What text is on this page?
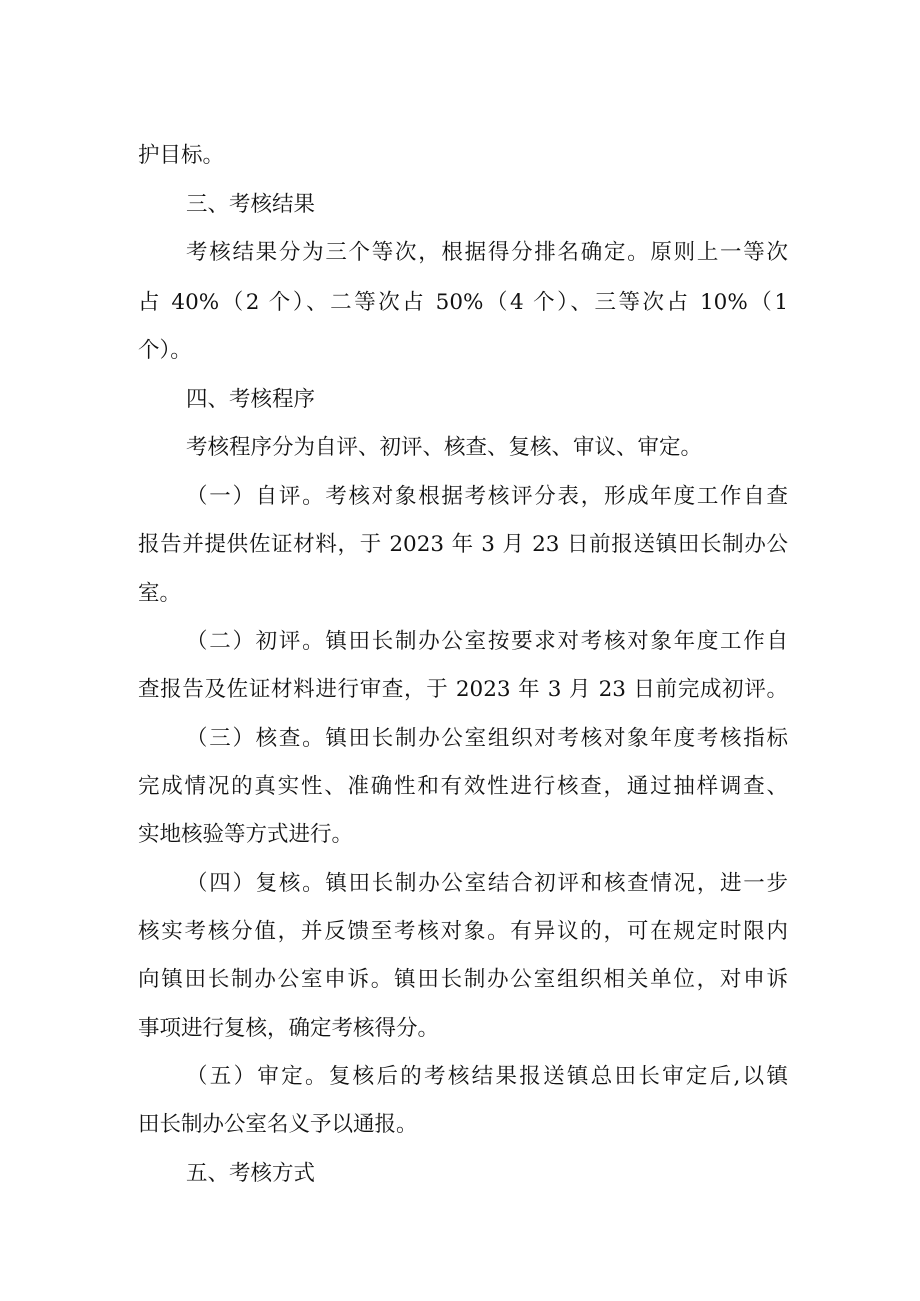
护目标。
三、考核结果
考核结果分为三个等次，根据得分排名确定。原则上一等次
占 40%（2 个）、二等次占 50%（4 个）、三等次占 10%（1
个）。
四、考核程序
考核程序分为自评、初评、核查、复核、审议、审定。
（一）自评。考核对象根据考核评分表，形成年度工作自查
报告并提供佐证材料，于 2023 年 3 月 23 日前报送镇田长制办公
室。
（二）初评。镇田长制办公室按要求对考核对象年度工作自
查报告及佐证材料进行审查，于 2023 年 3 月 23 日前完成初评。
（三）核查。镇田长制办公室组织对考核对象年度考核指标
完成情况的真实性、准确性和有效性进行核查，通过抽样调查、
实地核验等方式进行。
（四）复核。镇田长制办公室结合初评和核查情况，进一步
核实考核分值，并反馈至考核对象。有异议的，可在规定时限内
向镇田长制办公室申诉。镇田长制办公室组织相关单位，对申诉
事项进行复核，确定考核得分。
（五）审定。复核后的考核结果报送镇总田长审定后,以镇
田长制办公室名义予以通报。
五、考核方式
